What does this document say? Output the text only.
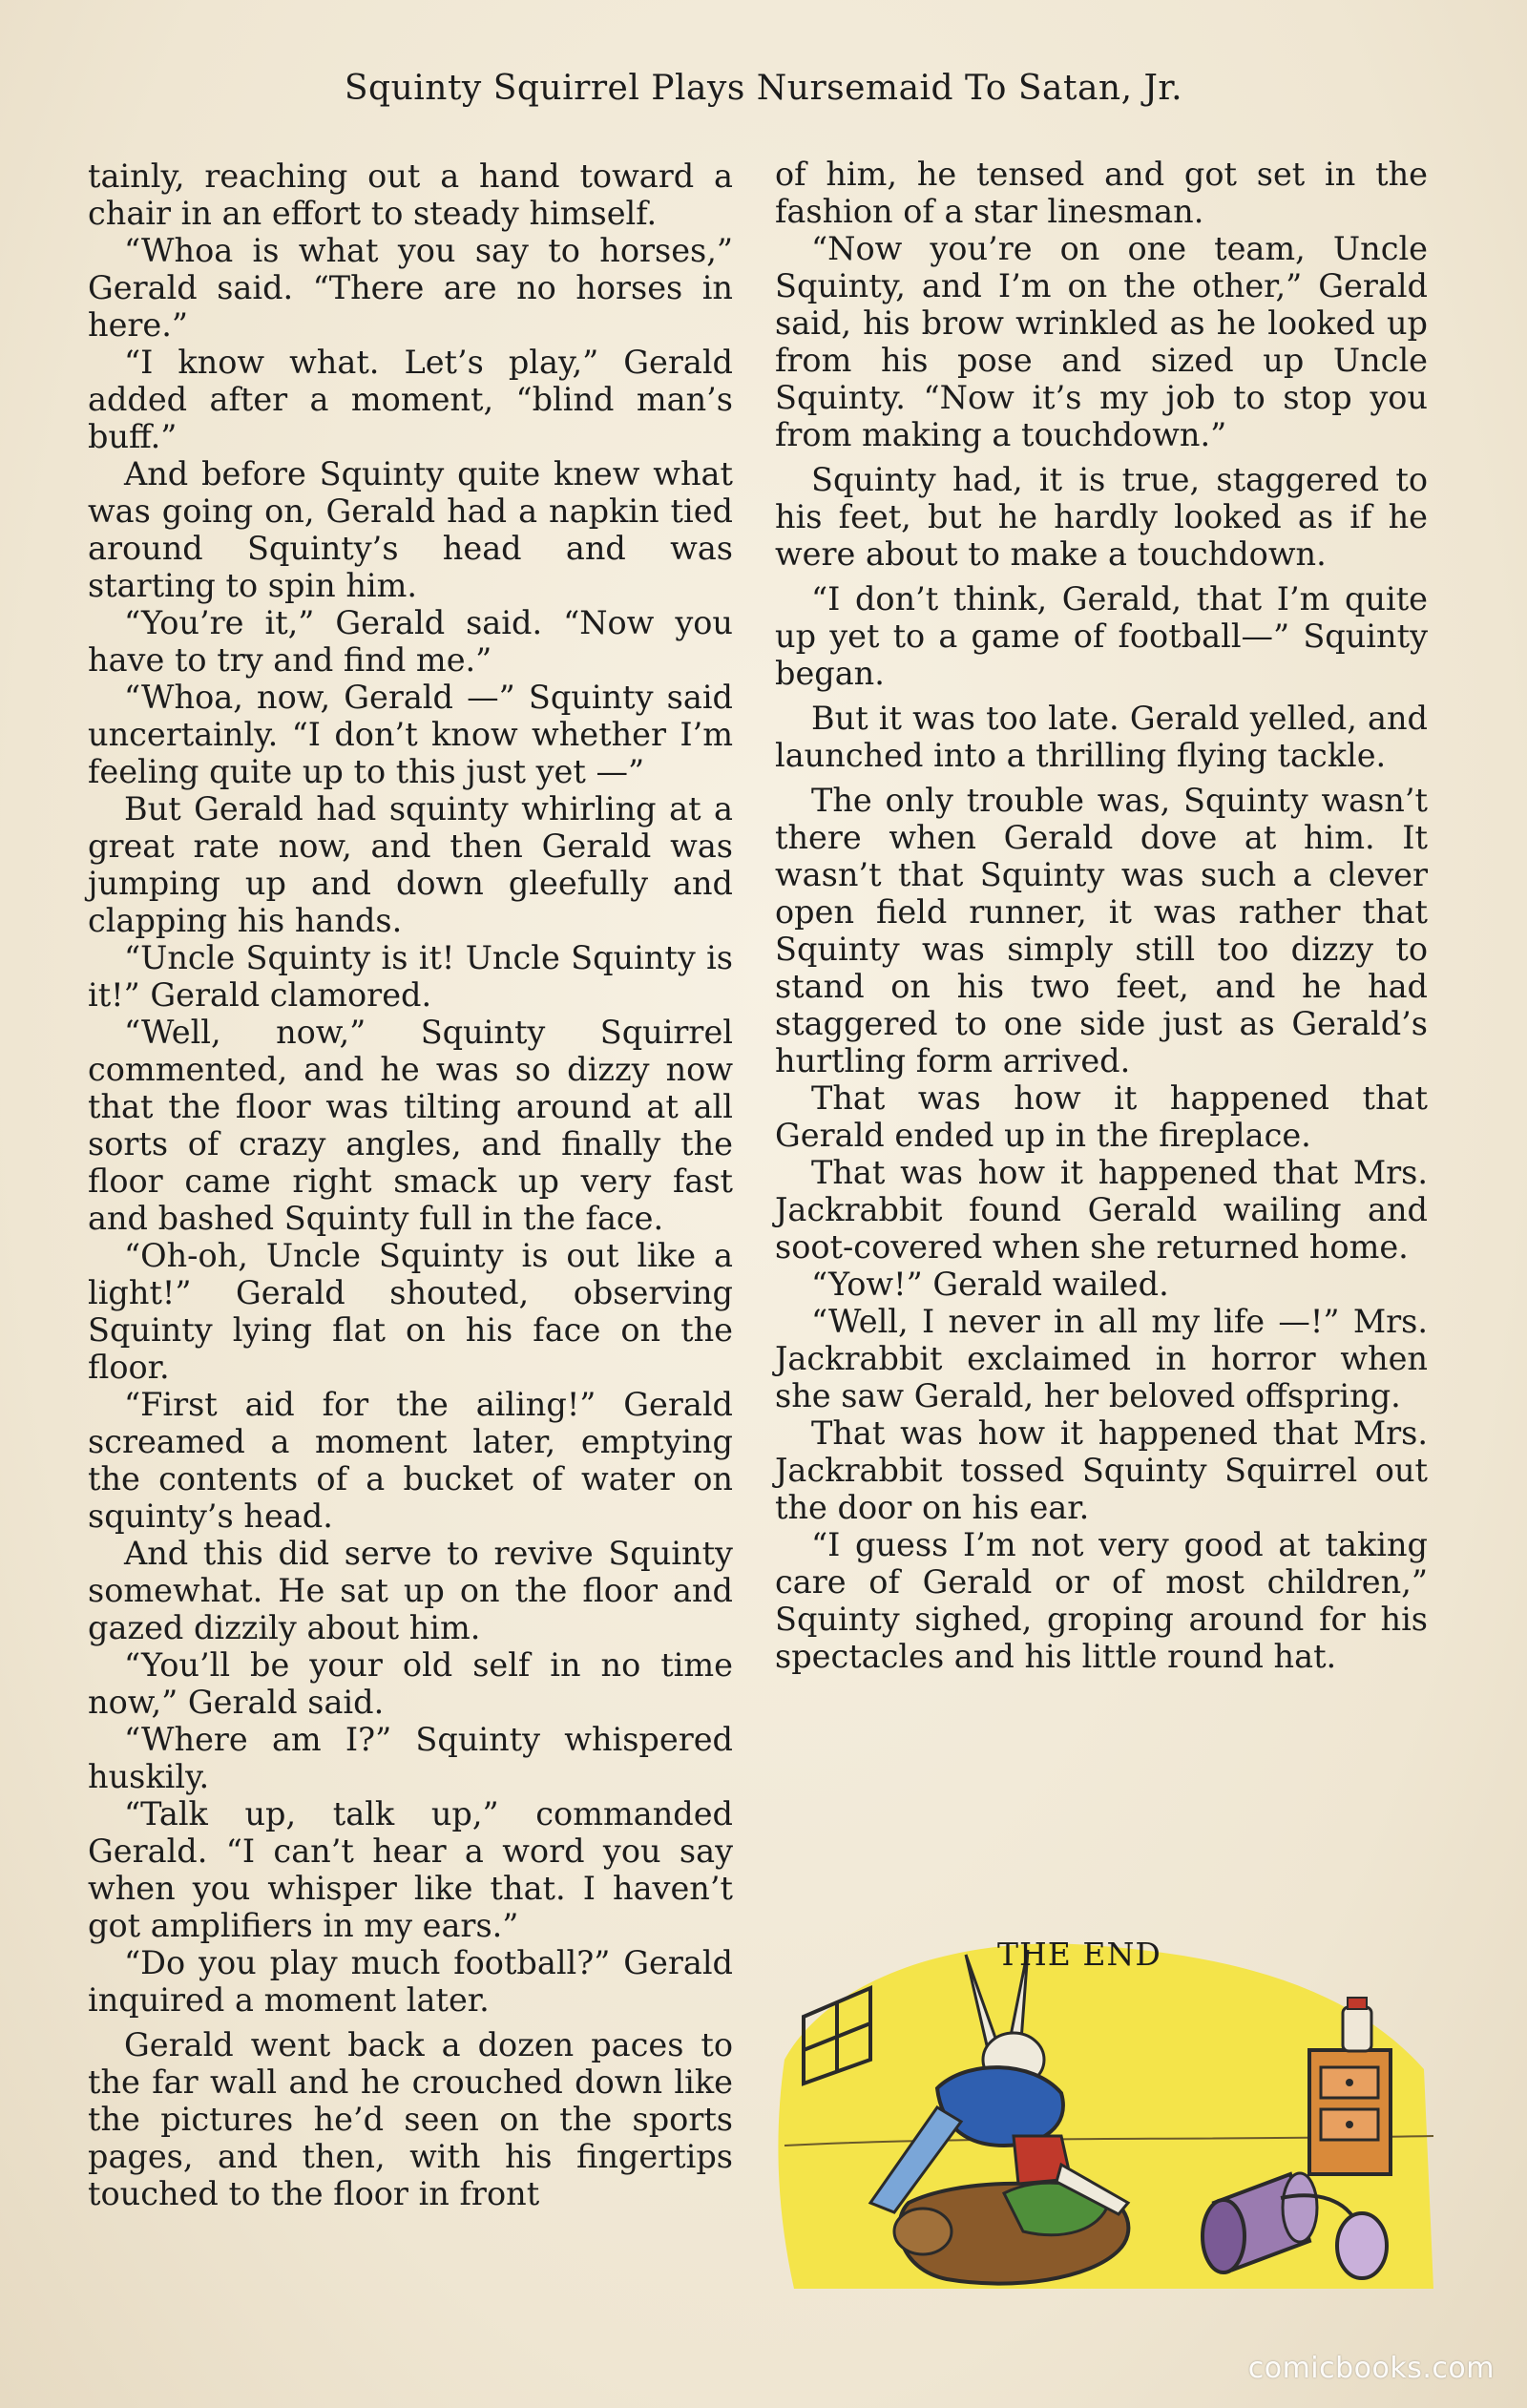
Squinty Squirrel Plays Nursemaid To Satan, Jr.

tainly, reaching out a hand toward a chair in an effort to steady himself.

“Whoa is what you say to horses,” Gerald said. “There are no horses in here.”

“I know what. Let’s play,” Gerald added after a moment, “blind man’s buff.”

And before Squinty quite knew what was going on, Gerald had a napkin tied around Squinty’s head and was starting to spin him.

“You’re it,” Gerald said. “Now you have to try and find me.”

“Whoa, now, Gerald —” Squinty said uncertainly. “I don’t know whether I’m feeling quite up to this just yet —”

But Gerald had squinty whirling at a great rate now, and then Gerald was jumping up and down gleefully and clapping his hands.

“Uncle Squinty is it! Uncle Squinty is it!” Gerald clamored.

“Well, now,” Squinty Squirrel commented, and he was so dizzy now that the floor was tilting around at all sorts of crazy angles, and finally the floor came right smack up very fast and bashed Squinty full in the face.

“Oh-oh, Uncle Squinty is out like a light!” Gerald shouted, observing Squinty lying flat on his face on the floor.

“First aid for the ailing!” Gerald screamed a moment later, emptying the contents of a bucket of water on squinty’s head.

And this did serve to revive Squinty somewhat. He sat up on the floor and gazed dizzily about him.

“You’ll be your old self in no time now,” Gerald said.

“Where am I?” Squinty whispered huskily.

“Talk up, talk up,” commanded Gerald. “I can’t hear a word you say when you whisper like that. I haven’t got amplifiers in my ears.”

“Do you play much football?” Gerald inquired a moment later.

Gerald went back a dozen paces to the far wall and he crouched down like the pictures he’d seen on the sports pages, and then, with his fingertips touched to the floor in front

of him, he tensed and got set in the fashion of a star linesman.

“Now you’re on one team, Uncle Squinty, and I’m on the other,” Gerald said, his brow wrinkled as he looked up from his pose and sized up Uncle Squinty. “Now it’s my job to stop you from making a touchdown.”

Squinty had, it is true, staggered to his feet, but he hardly looked as if he were about to make a touchdown.

“I don’t think, Gerald, that I’m quite up yet to a game of football—” Squinty began.

But it was too late. Gerald yelled, and launched into a thrilling flying tackle.

The only trouble was, Squinty wasn’t there when Gerald dove at him. It wasn’t that Squinty was such a clever open field runner, it was rather that Squinty was simply still too dizzy to stand on his two feet, and he had staggered to one side just as Gerald’s hurtling form arrived.

That was how it happened that Gerald ended up in the fireplace.

That was how it happened that Mrs. Jackrabbit found Gerald wailing and soot-covered when she returned home.

“Yow!” Gerald wailed.

“Well, I never in all my life —!” Mrs. Jackrabbit exclaimed in horror when she saw Gerald, her beloved offspring.

That was how it happened that Mrs. Jackrabbit tossed Squinty Squirrel out the door on his ear.

“I guess I’m not very good at taking care of Gerald or of most children,” Squinty sighed, groping around for his spectacles and his little round hat.

THE END
comicbooks.com
